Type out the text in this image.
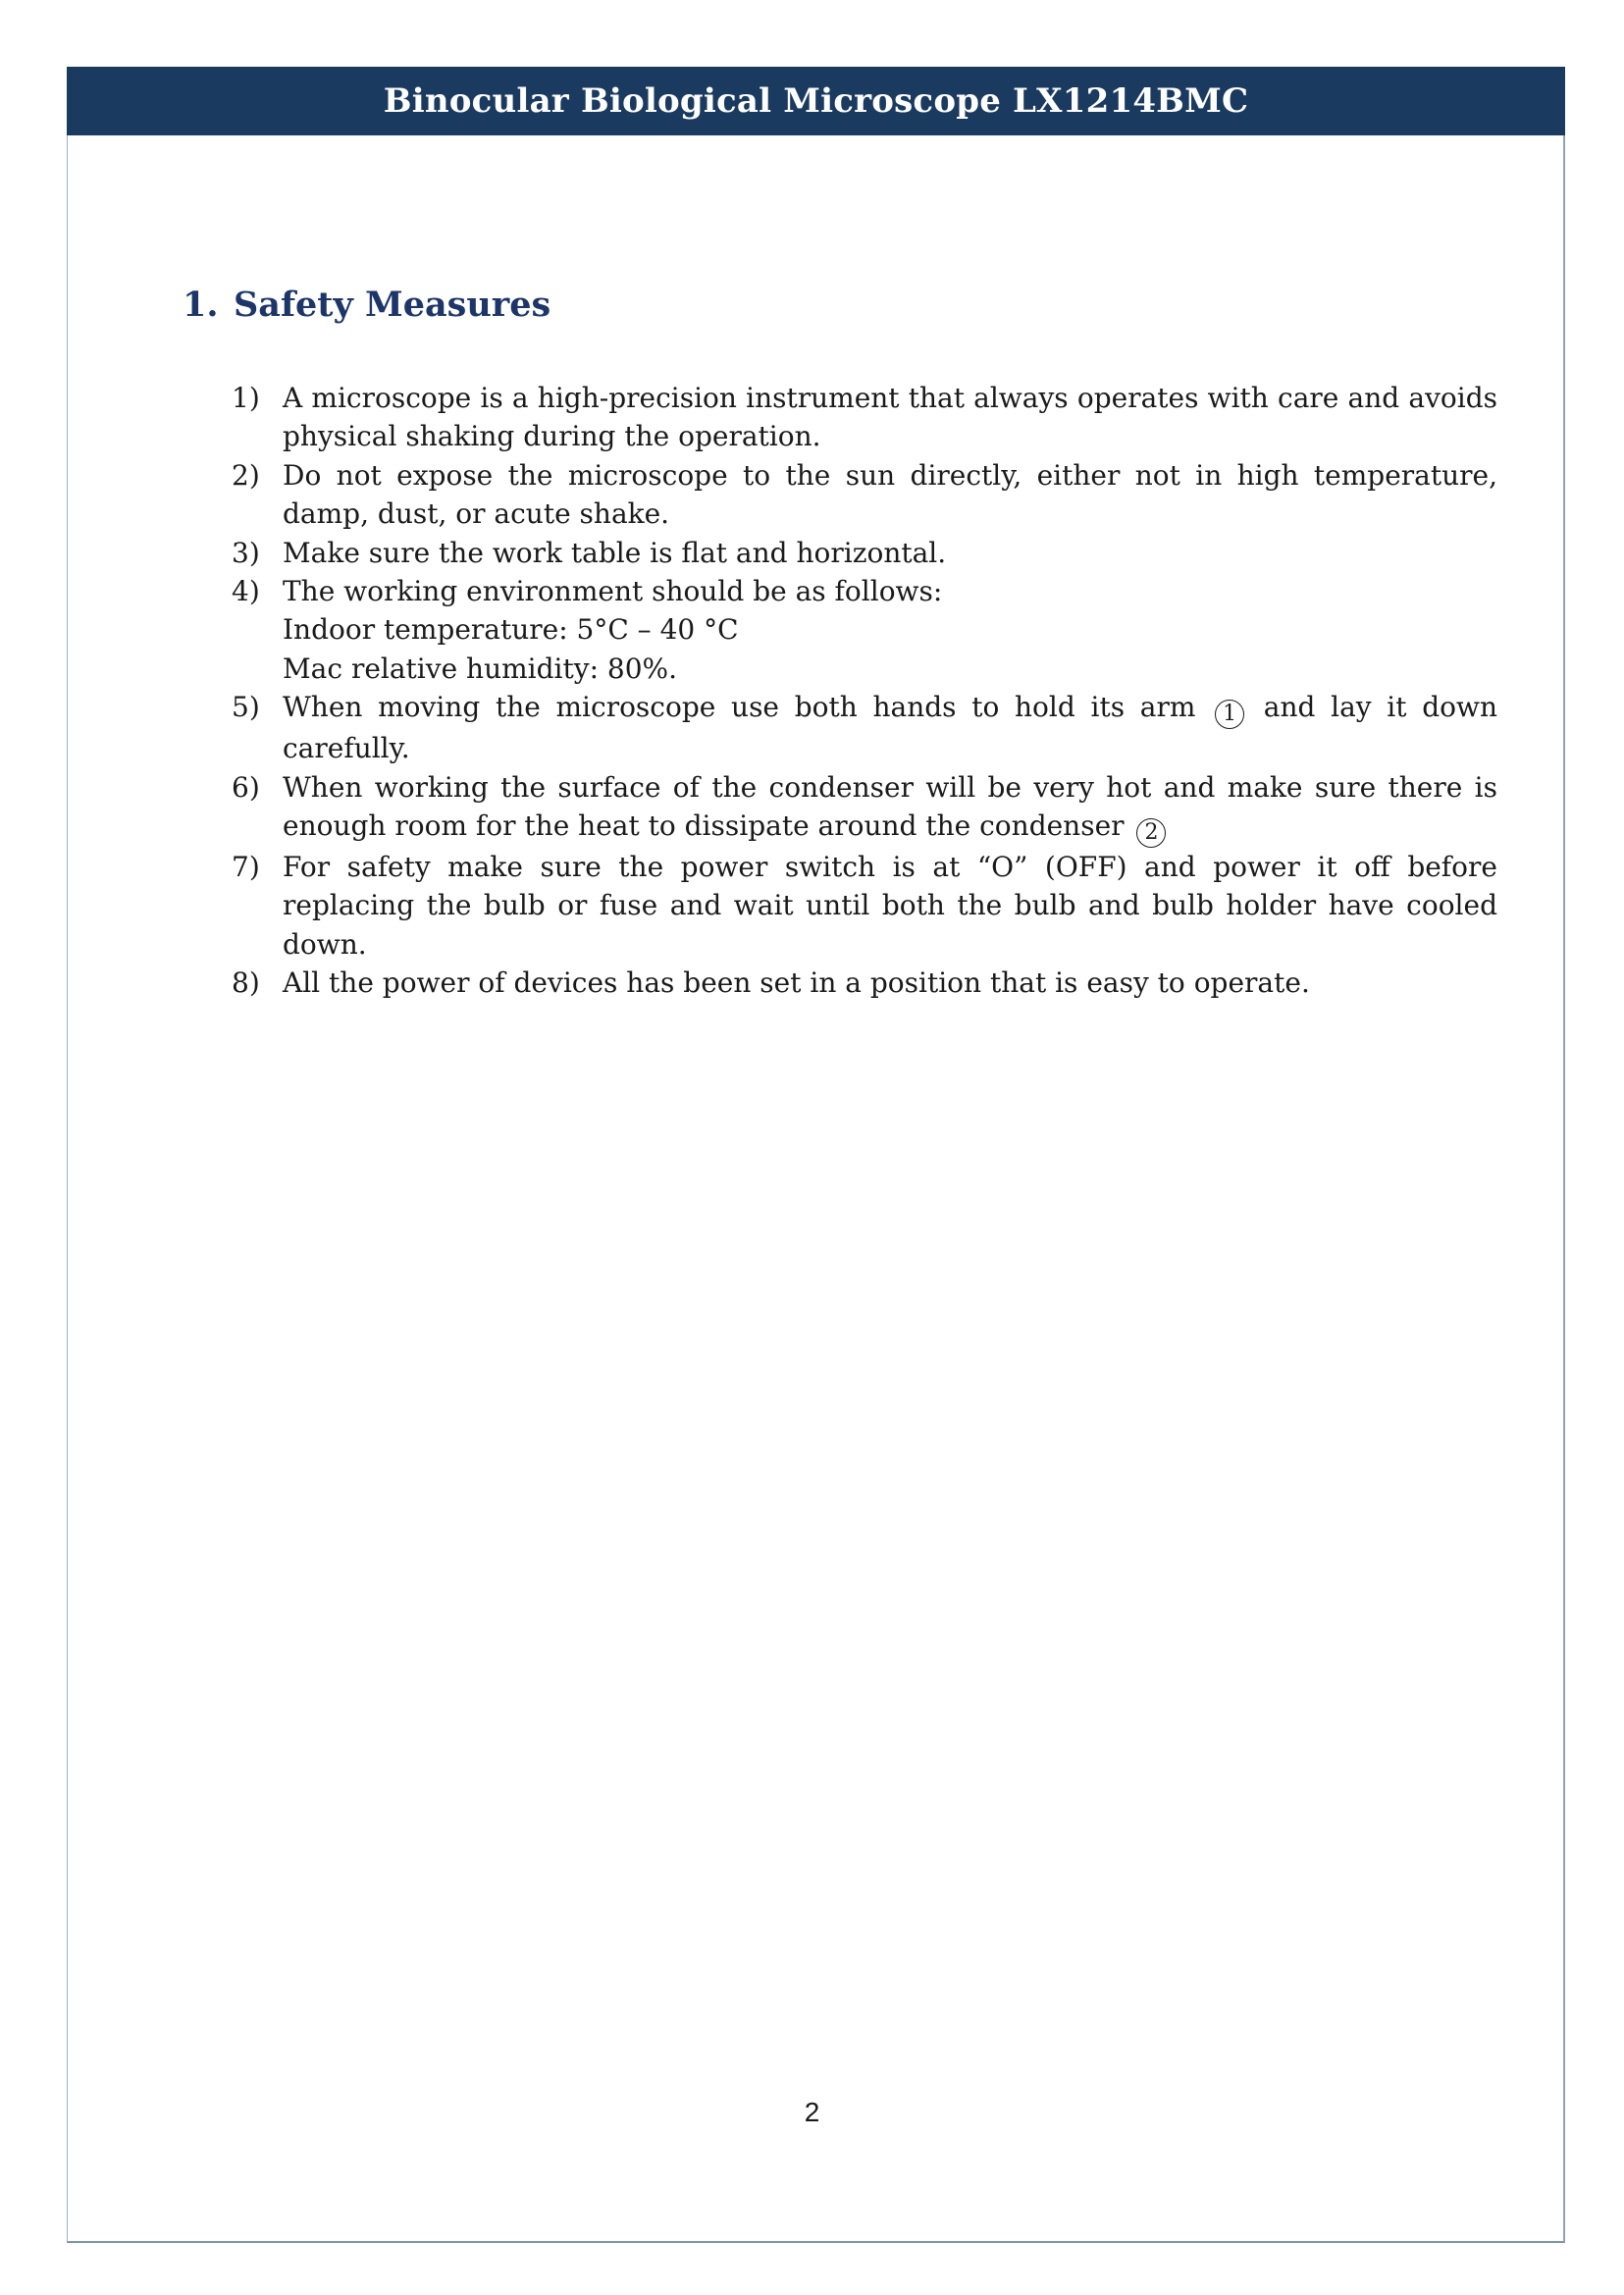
Binocular Biological Microscope LX1214BMC
1. Safety Measures
1) A microscope is a high-precision instrument that always operates with care and avoids physical shaking during the operation.
2) Do not expose the microscope to the sun directly, either not in high temperature, damp, dust, or acute shake.
3) Make sure the work table is flat and horizontal.
4) The working environment should be as follows:
Indoor temperature: 5°C – 40 °C
Mac relative humidity: 80%.
5) When moving the microscope use both hands to hold its arm 1 and lay it down carefully.
6) When working the surface of the condenser will be very hot and make sure there is enough room for the heat to dissipate around the condenser 2
7) For safety make sure the power switch is at “O” (OFF) and power it off before replacing the bulb or fuse and wait until both the bulb and bulb holder have cooled down.
8) All the power of devices has been set in a position that is easy to operate.
2
